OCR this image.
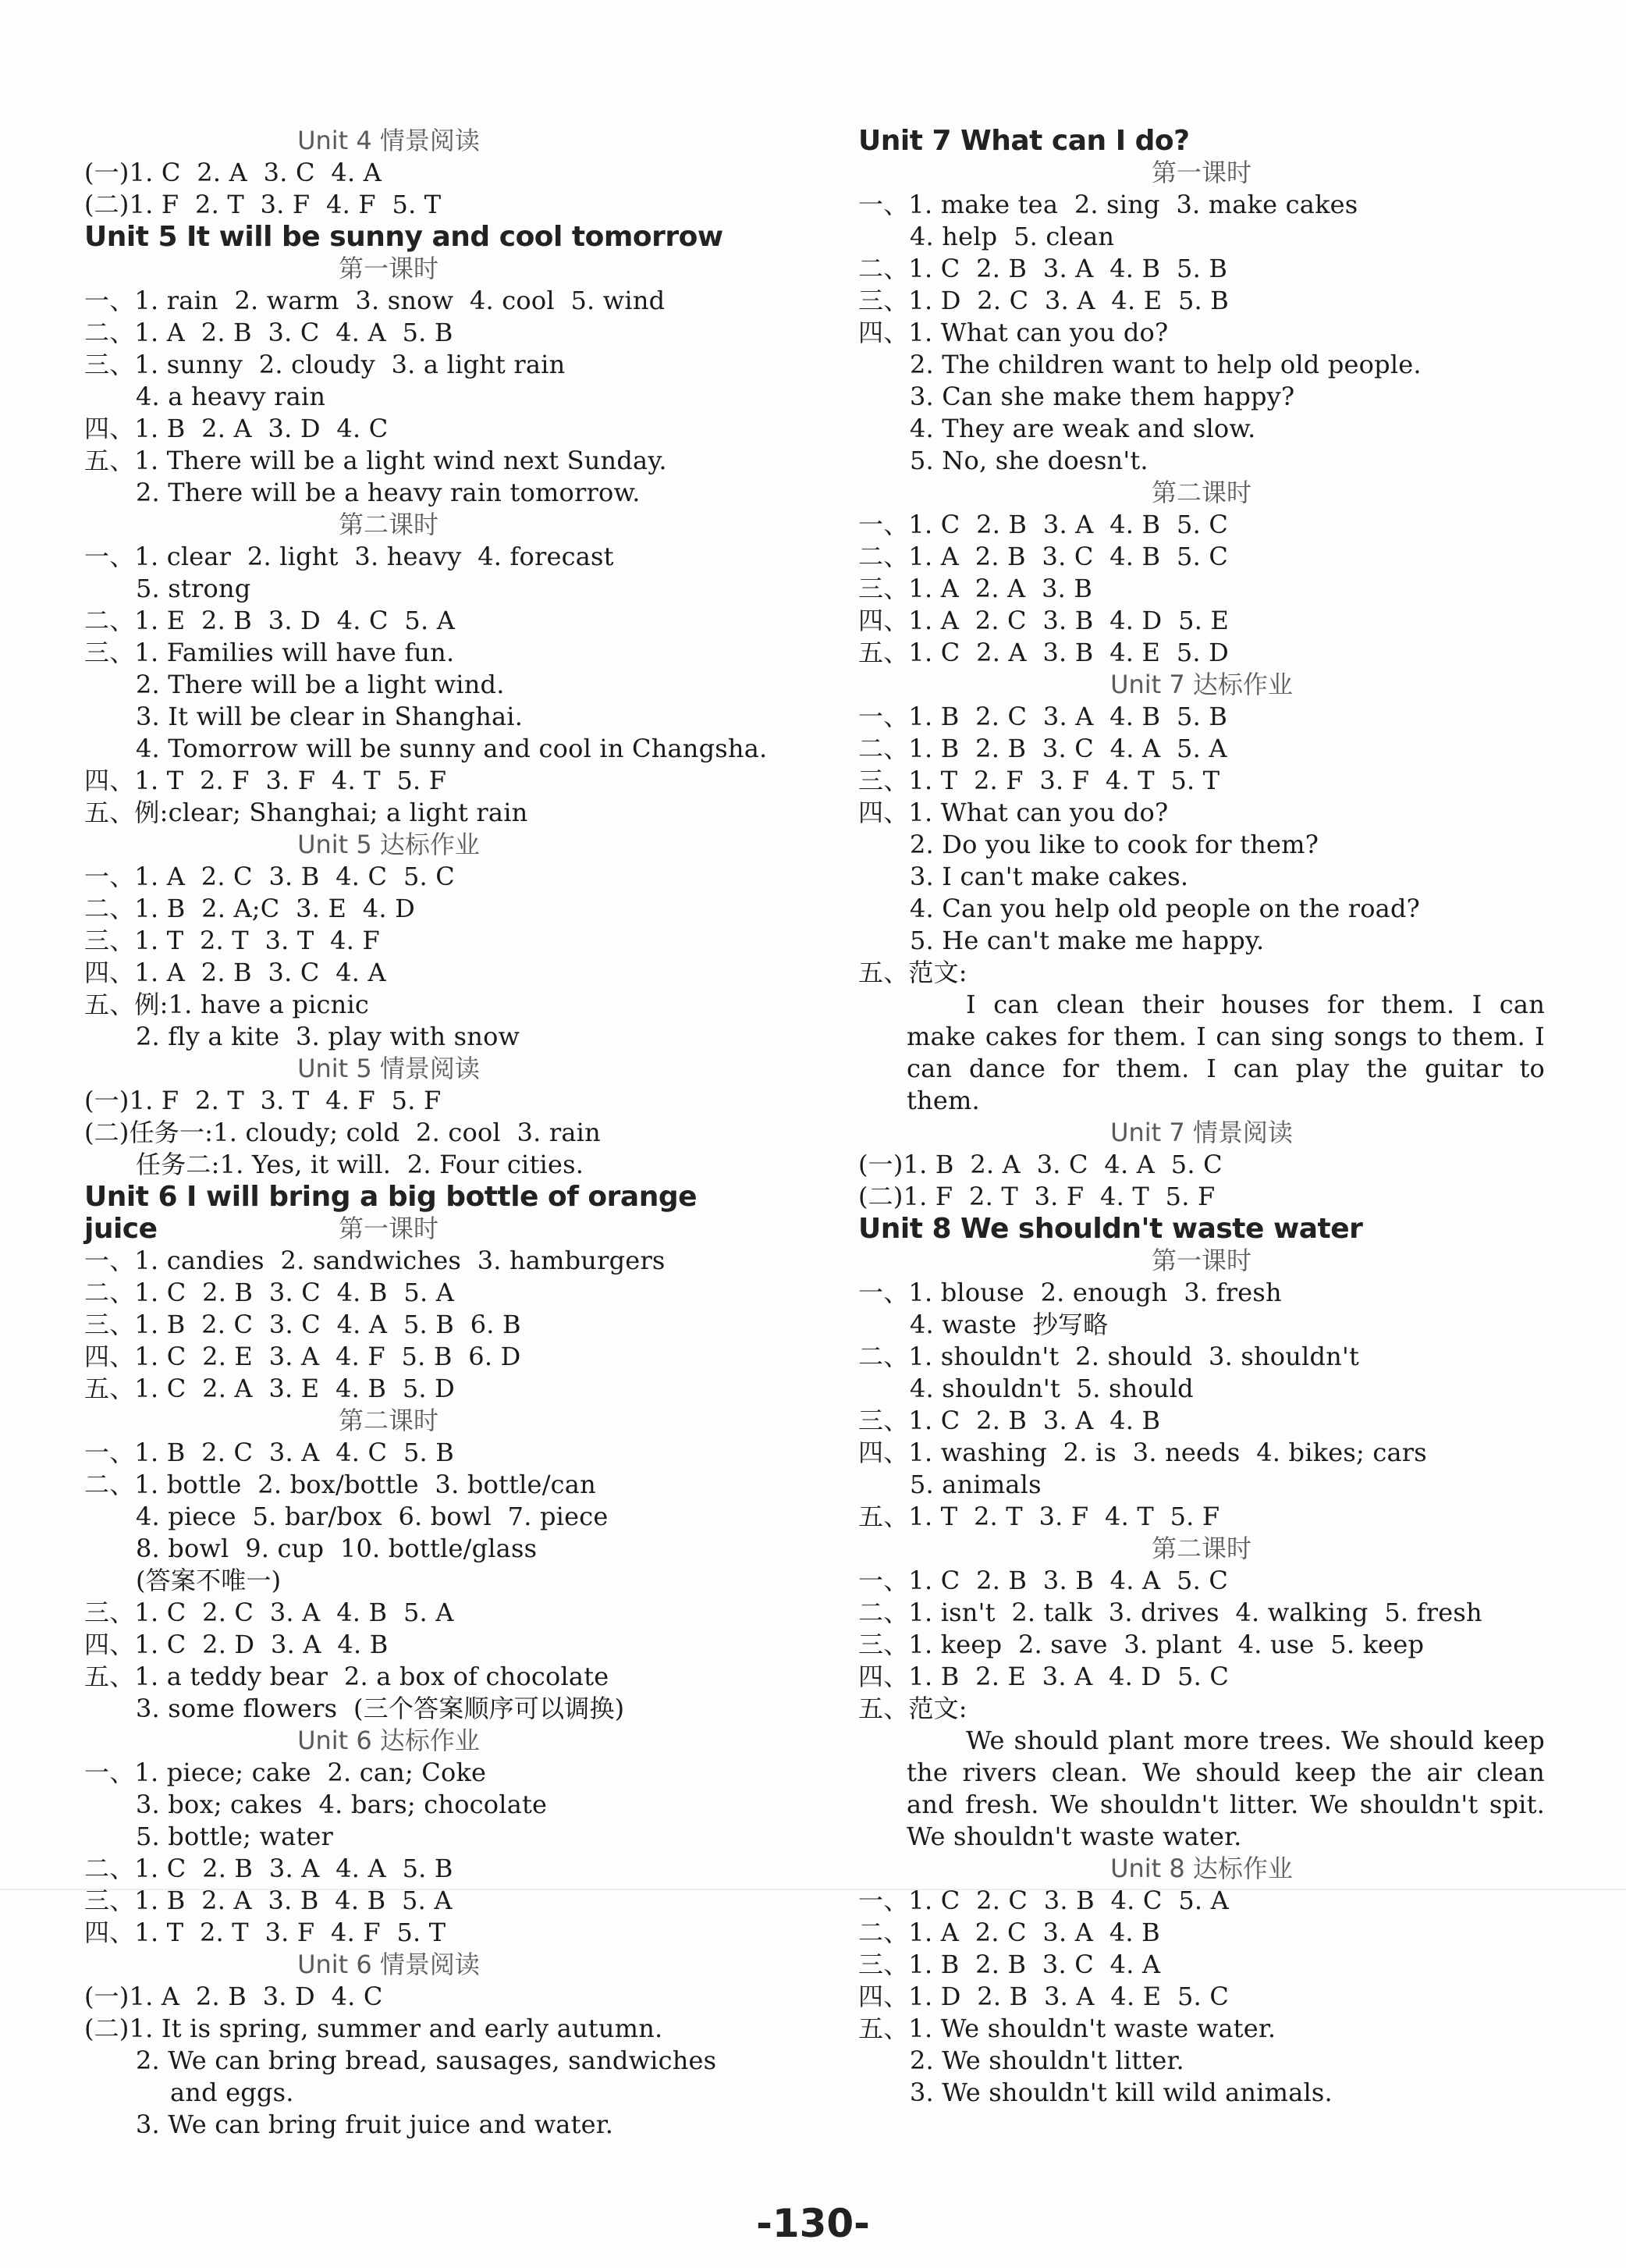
Unit 4 情景阅读
(一)1. C  2. A  3. C  4. A
(二)1. F  2. T  3. F  4. F  5. T
Unit 5 It will be sunny and cool tomorrow
第一课时
一、1. rain  2. warm  3. snow  4. cool  5. wind
二、1. A  2. B  3. C  4. A  5. B
三、1. sunny  2. cloudy  3. a light rain
4. a heavy rain
四、1. B  2. A  3. D  4. C
五、1. There will be a light wind next Sunday.
2. There will be a heavy rain tomorrow.
第二课时
一、1. clear  2. light  3. heavy  4. forecast
5. strong
二、1. E  2. B  3. D  4. C  5. A
三、1. Families will have fun.
2. There will be a light wind.
3. It will be clear in Shanghai.
4. Tomorrow will be sunny and cool in Changsha.
四、1. T  2. F  3. F  4. T  5. F
五、例:clear; Shanghai; a light rain
Unit 5 达标作业
一、1. A  2. C  3. B  4. C  5. C
二、1. B  2. A;C  3. E  4. D
三、1. T  2. T  3. T  4. F
四、1. A  2. B  3. C  4. A
五、例:1. have a picnic
2. fly a kite  3. play with snow
Unit 5 情景阅读
(一)1. F  2. T  3. T  4. F  5. F
(二)任务一:1. cloudy; cold  2. cool  3. rain
任务二:1. Yes, it will.  2. Four cities.
Unit 6 I will bring a big bottle of orange juice	第一课时
一、1. candies  2. sandwiches  3. hamburgers
二、1. C  2. B  3. C  4. B  5. A
三、1. B  2. C  3. C  4. A  5. B  6. B
四、1. C  2. E  3. A  4. F  5. B  6. D
五、1. C  2. A  3. E  4. B  5. D
第二课时
一、1. B  2. C  3. A  4. C  5. B
二、1. bottle  2. box/bottle  3. bottle/can
4. piece  5. bar/box  6. bowl  7. piece
8. bowl  9. cup  10. bottle/glass
(答案不唯一)
三、1. C  2. C  3. A  4. B  5. A
四、1. C  2. D  3. A  4. B
五、1. a teddy bear  2. a box of chocolate
3. some flowers  (三个答案顺序可以调换)
Unit 6 达标作业
一、1. piece; cake  2. can; Coke
3. box; cakes  4. bars; chocolate
5. bottle; water
二、1. C  2. B  3. A  4. A  5. B
三、1. B  2. A  3. B  4. B  5. A
四、1. T  2. T  3. F  4. F  5. T
Unit 6 情景阅读
(一)1. A  2. B  3. D  4. C
(二)1. It is spring, summer and early autumn.
2. We can bring bread, sausages, sandwiches
and eggs.
3. We can bring fruit juice and water.
Unit 7 What can I do?
第一课时
一、1. make tea  2. sing  3. make cakes
4. help  5. clean
二、1. C  2. B  3. A  4. B  5. B
三、1. D  2. C  3. A  4. E  5. B
四、1. What can you do?
2. The children want to help old people.
3. Can she make them happy?
4. They are weak and slow.
5. No, she doesn't.
第二课时
一、1. C  2. B  3. A  4. B  5. C
二、1. A  2. B  3. C  4. B  5. C
三、1. A  2. A  3. B
四、1. A  2. C  3. B  4. D  5. E
五、1. C  2. A  3. B  4. E  5. D
Unit 7 达标作业
一、1. B  2. C  3. A  4. B  5. B
二、1. B  2. B  3. C  4. A  5. A
三、1. T  2. F  3. F  4. T  5. T
四、1. What can you do?
2. Do you like to cook for them?
3. I can't make cakes.
4. Can you help old people on the road?
5. He can't make me happy.
五、范文:
I can clean their houses for them. I can make cakes for them. I can sing songs to them. I can dance for them. I can play the guitar to them.
Unit 7 情景阅读
(一)1. B  2. A  3. C  4. A  5. C
(二)1. F  2. T  3. F  4. T  5. F
Unit 8 We shouldn't waste water
第一课时
一、1. blouse  2. enough  3. fresh
4. waste  抄写略
二、1. shouldn't  2. should  3. shouldn't
4. shouldn't  5. should
三、1. C  2. B  3. A  4. B
四、1. washing  2. is  3. needs  4. bikes; cars
5. animals
五、1. T  2. T  3. F  4. T  5. F
第二课时
一、1. C  2. B  3. B  4. A  5. C
二、1. isn't  2. talk  3. drives  4. walking  5. fresh
三、1. keep  2. save  3. plant  4. use  5. keep
四、1. B  2. E  3. A  4. D  5. C
五、范文:
We should plant more trees. We should keep the rivers clean. We should keep the air clean and fresh. We shouldn't litter. We shouldn't spit. We shouldn't waste water.
Unit 8 达标作业
一、1. C  2. C  3. B  4. C  5. A
二、1. A  2. C  3. A  4. B
三、1. B  2. B  3. C  4. A
四、1. D  2. B  3. A  4. E  5. C
五、1. We shouldn't waste water.
2. We shouldn't litter.
3. We shouldn't kill wild animals.
-130-
